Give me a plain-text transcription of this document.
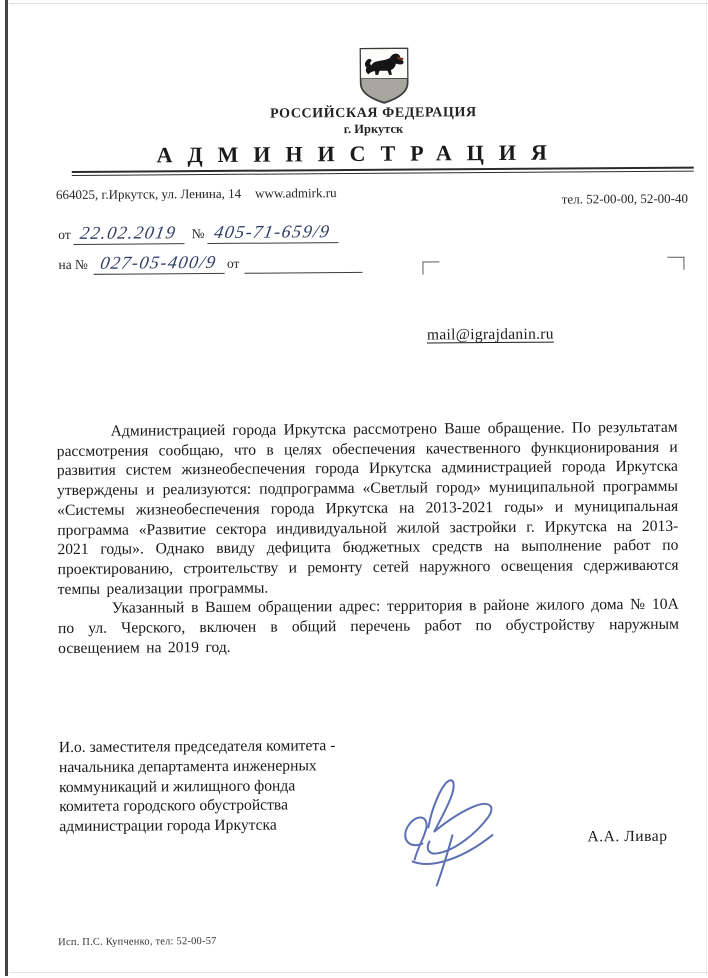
РОССИЙСКАЯ ФЕДЕРАЦИЯ
г. Иркутск
АДМИНИСТРАЦИЯ
664025, г.Иркутск, ул. Ленина, 14 www.admirk.ru	тел. 52-00-00, 52-00-40
от 22.02.2019 № 405-71-659/9
на № 027-05-400/9 от
mail@igrajdanin.ru

Администрацией города Иркутска рассмотрено Ваше обращение. По результатам рассмотрения сообщаю, что в целях обеспечения качественного функционирования и развития систем жизнеобеспечения города Иркутска администрацией города Иркутска утверждены и реализуются: подпрограмма «Светлый город» муниципальной программы «Системы жизнеобеспечения города Иркутска на 2013-2021 годы» и муниципальная программа «Развитие сектора индивидуальной жилой застройки г. Иркутска на 2013-2021 годы». Однако ввиду дефицита бюджетных средств на выполнение работ по проектированию, строительству и ремонту сетей наружного освещения сдерживаются темпы реализации программы.

Указанный в Вашем обращении адрес: территория в районе жилого дома № 10А по ул. Черского, включен в общий перечень работ по обустройству наружным освещением на 2019 год.

И.о. заместителя председателя комитета -
начальника департамента инженерных
коммуникаций и жилищного фонда
комитета городского обустройства
администрации города Иркутска
А.А. Ливар
Исп. П.С. Купченко, тел: 52-00-57
